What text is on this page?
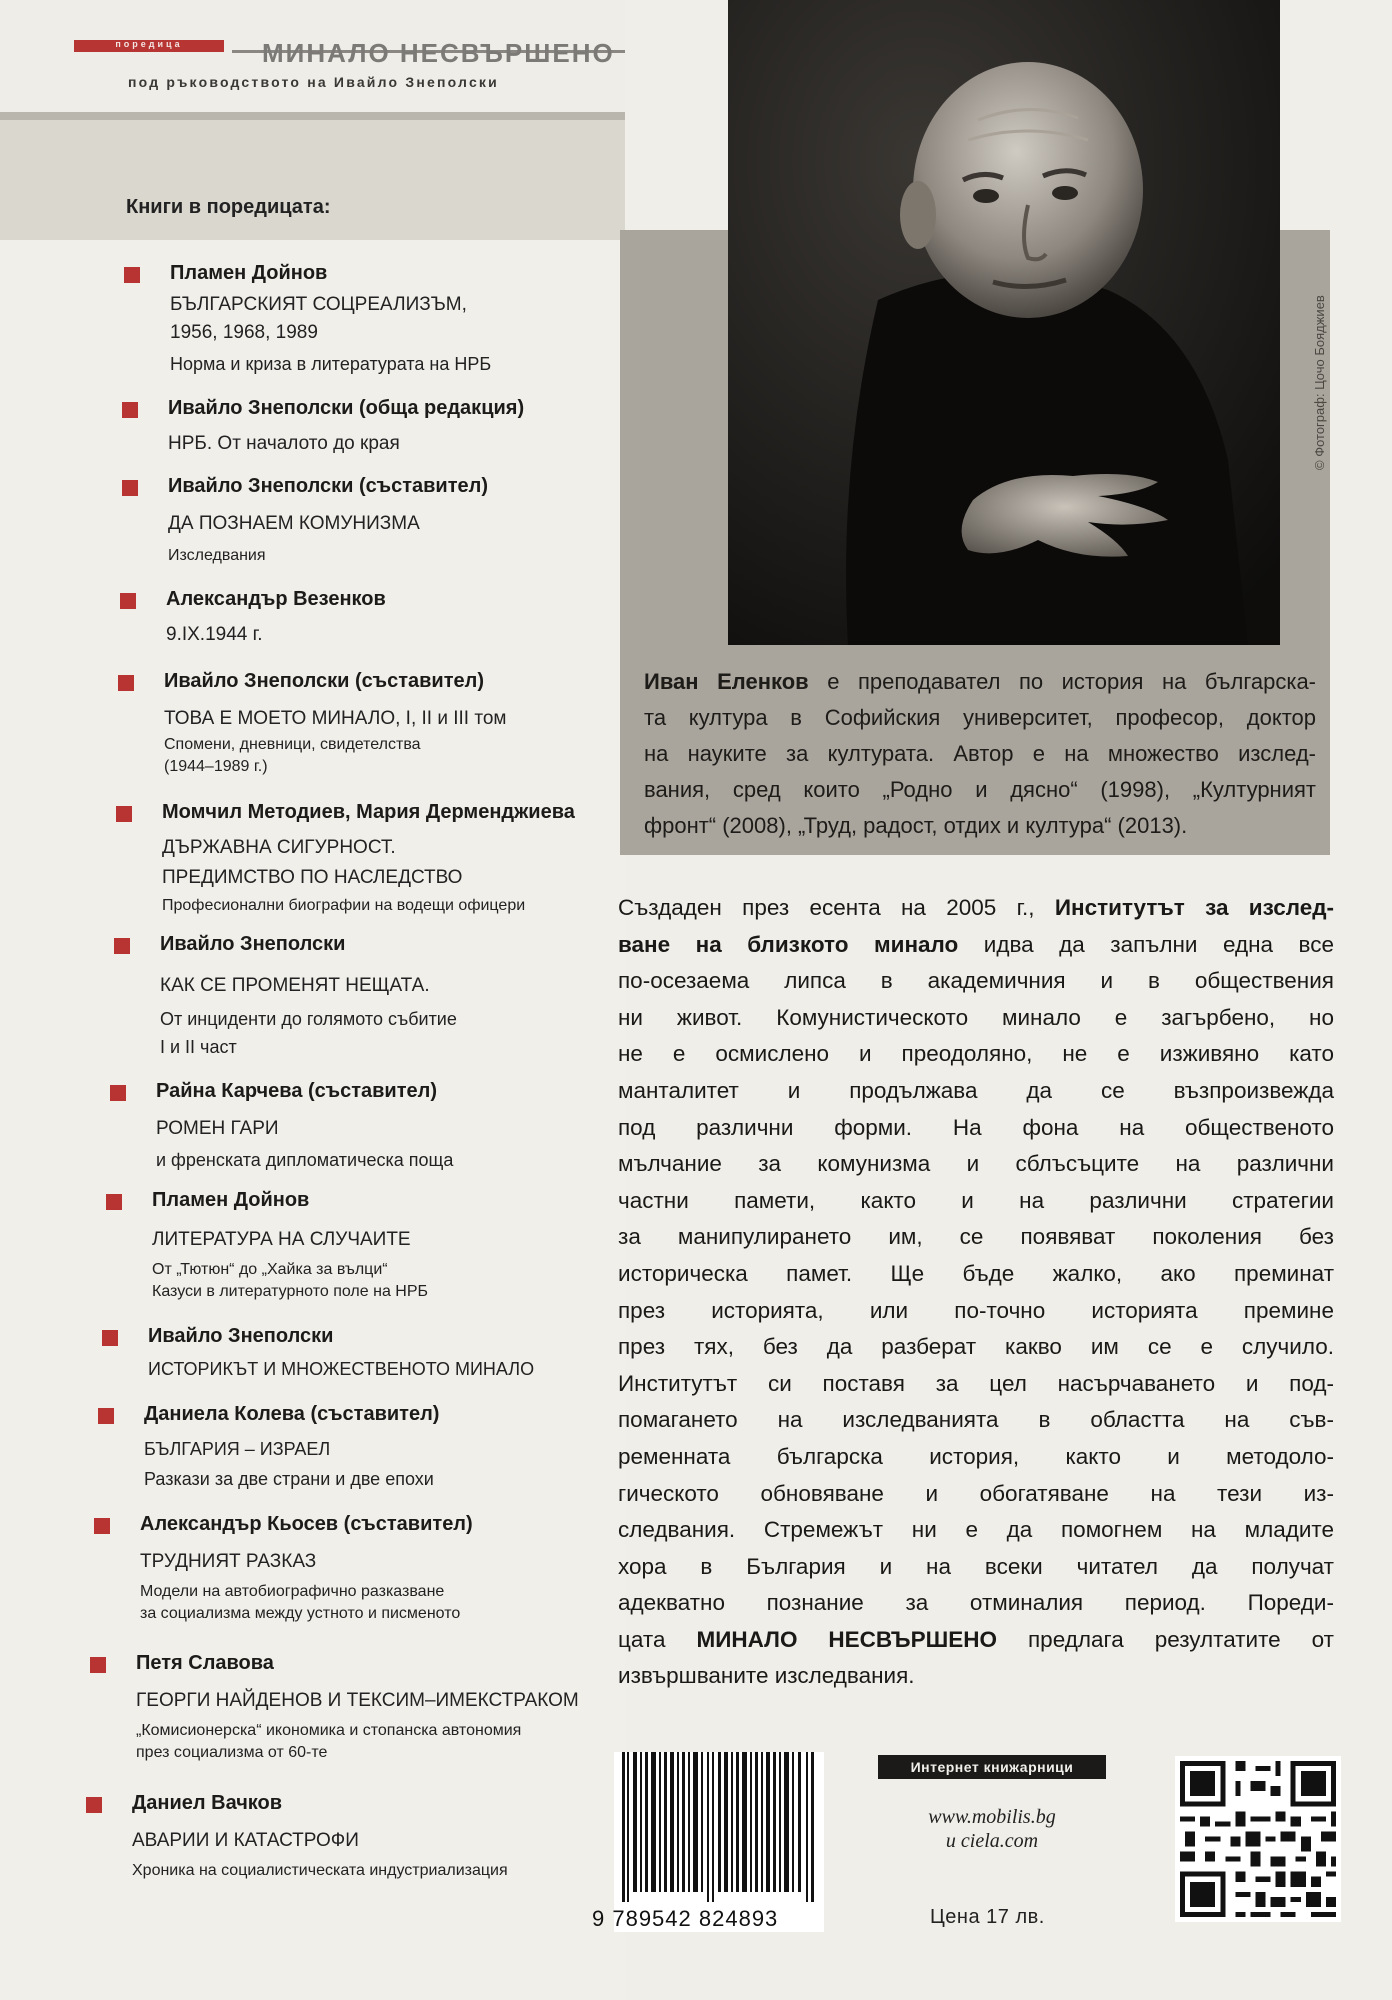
поредица	МИНАЛО НЕСВЪРШЕНО
под ръководството на Ивайло Знеполски
Книги в поредицата:
Пламен Дойнов
БЪЛГАРСКИЯТ СОЦРЕАЛИЗЪМ,
1956, 1968, 1989
Норма и криза в литературата на НРБ
Ивайло Знеполски (обща редакция)
НРБ. От началото до края
Ивайло Знеполски (съставител)
ДА ПОЗНАЕМ КОМУНИЗМА
Изследвания
Александър Везенков
9.IX.1944 г.
Ивайло Знеполски (съставител)
ТОВА Е МОЕТО МИНАЛО, I, II и III том
Спомени, дневници, свидетелства
(1944–1989 г.)
Момчил Методиев, Мария Дерменджиева
ДЪРЖАВНА СИГУРНОСТ.
ПРЕДИМСТВО ПО НАСЛЕДСТВО
Професионални биографии на водещи офицери
Ивайло Знеполски
КАК СЕ ПРОМЕНЯТ НЕЩАТА.
От инциденти до голямото събитие
I и II част
Райна Карчева (съставител)
РОМЕН ГАРИ
и френската дипломатическа поща
Пламен Дойнов
ЛИТЕРАТУРА НА СЛУЧАИТЕ
От „Тютюн“ до „Хайка за вълци“
Казуси в литературното поле на НРБ
Ивайло Знеполски
ИСТОРИКЪТ И МНОЖЕСТВЕНОТО МИНАЛО
Даниела Колева (съставител)
БЪЛГАРИЯ – ИЗРАЕЛ
Разкази за две страни и две епохи
Александър Кьосев (съставител)
ТРУДНИЯТ РАЗКАЗ
Модели на автобиографично разказване
за социализма между устното и писменото
Петя Славова
ГЕОРГИ НАЙДЕНОВ И ТЕКСИМ–ИМЕКСТРАКОМ
„Комисионерска“ икономика и стопанска автономия
през социализма от 60-те
Даниел Вачков
АВАРИИ И КАТАСТРОФИ
Хроника на социалистическата индустриализация
Иван Еленков е преподавател по история на българска-
та култура в Софийския университет, професор, доктор
на науките за културата. Автор е на множество изслед-
вания, сред които „Родно и дясно“ (1998), „Културният
фронт“ (2008), „Труд, радост, отдих и култура“ (2013).
Създаден през есента на 2005 г., Институтът за изслед-
ване на близкото минало идва да запълни една все
по-осезаема липса в академичния и в обществения
ни живот. Комунистическото минало е загърбено, но
не е осмислено и преодоляно, не е изживяно като
манталитет и продължава да се възпроизвежда
под различни форми. На фона на общественото
мълчание за комунизма и сблъсъците на различни
частни памети, както и на различни стратегии
за манипулирането им, се появяват поколения без
историческа памет. Ще бъде жалко, ако преминат
през историята, или по-точно историята премине
през тях, без да разберат какво им се е случило.
Институтът си поставя за цел насърчаването и под-
помагането на изследванията в областта на съв-
ременната българска история, както и методоло-
гическото обновяване и обогатяване на тези из-
следвания. Стремежът ни е да помогнем на младите
хора в България и на всеки читател да получат
адекватно познание за отминалия период. Пореди-
цата МИНАЛО НЕСВЪРШЕНО предлага резултатите от
извършваните изследвания.
9 789542 824893
Интернет книжарници
www.mobilis.bg
и ciela.com
Цена 17 лв.
